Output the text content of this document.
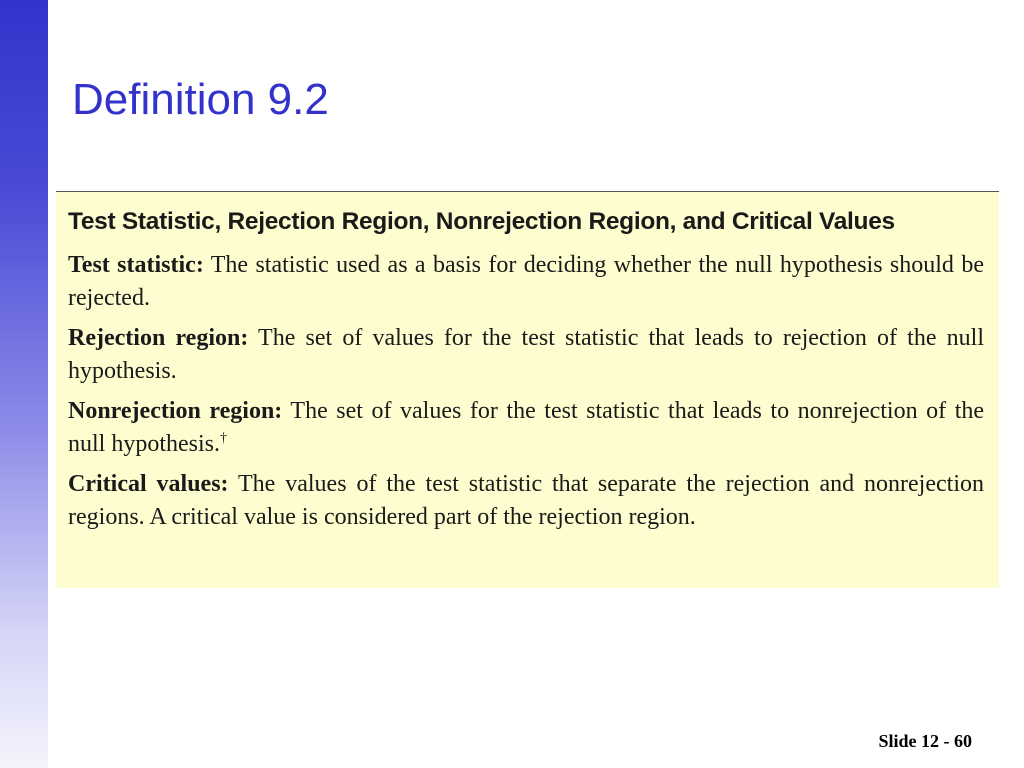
Definition 9.2
Test Statistic, Rejection Region, Nonrejection Region, and Critical Values

Test statistic: The statistic used as a basis for deciding whether the null hypothesis should be rejected.

Rejection region: The set of values for the test statistic that leads to rejection of the null hypothesis.

Nonrejection region: The set of values for the test statistic that leads to nonrejection of the null hypothesis.†

Critical values: The values of the test statistic that separate the rejection and nonrejection regions. A critical value is considered part of the rejection region.

Slide 12 - 60
